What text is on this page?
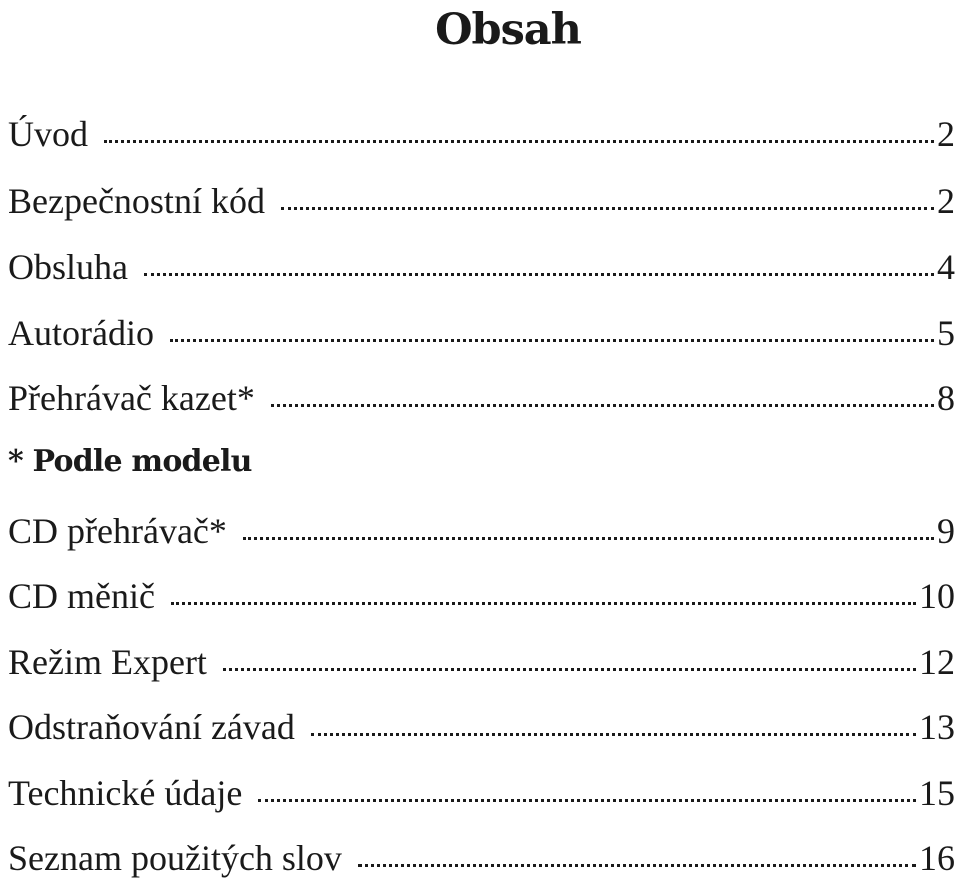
Obsah
Úvod	2
Bezpečnostní kód	2
Obsluha	4
Autorádio	5
Přehrávač kazet*	8
* Podle modelu
CD přehrávač*	9
CD měnič	10
Režim Expert	12
Odstraňování závad	13
Technické údaje	15
Seznam použitých slov	16
